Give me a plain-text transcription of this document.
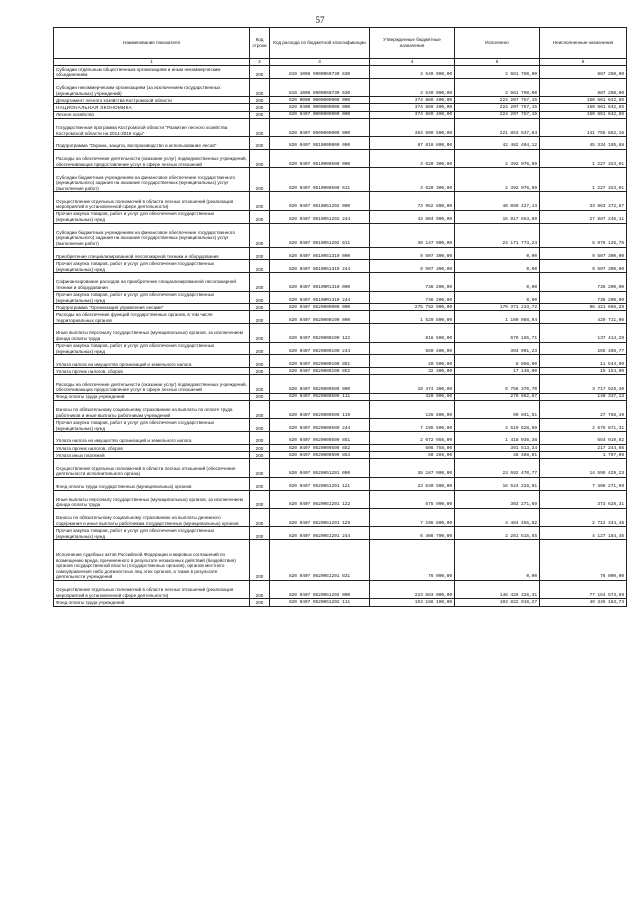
57
Наименование показателя	Код строки	Код расхода по бюджетной классификации	Утвержденные бюджетные назначения	Исполнено	Неисполненные назначения
1	2	3	4	5	6
Субсидии отдельным общественным организациям и иным некоммерческим объединениям	200	819 1006 9900050730 630	3 549 000,00	2 661 750,00	887 250,00
Субсидии некоммерческим организациям (за исключением государственных (муниципальных) учреждений)	200	819 1006 9900050730 630	3 549 000,00	2 661 750,00	887 250,00
Департамент лесного хозяйства Костромской области	200	820 0000 0000000000 000	374 869 400,00	224 207 757,15	150 661 642,85
НАЦИОНАЛЬНАЯ ЭКОНОМИКА	200	820 0400 0000000000 000	374 869 400,00	224 207 757,15	150 661 642,85
Лесное хозяйство	200	820 0407 0000000000 000	374 869 400,00	224 207 757,15	150 661 642,85
Государственная программа Костромской области "Развитие лесного хозяйства Костромской области на 2014-2018 годы"	200	820 0407 0500000000 000	363 609 500,00	221 853 637,84	141 755 862,16
Подпрограмма "Охрана, защита, воспроизводство и использование лесов"	200	820 0407 0510000000 000	87 816 800,00	42 482 404,12	45 334 195,88
Расходы на обеспечение деятельности (оказание услуг) подведомственных учреждений, обеспечивающих предоставление услуг в сфере лесных отношений	200	820 0407 0510000599 000	3 620 300,00	2 392 976,99	1 227 323,01
Субсидии бюджетным учреждениям на финансовое обеспечение государственного (муниципального) задания на оказание государственных (муниципальных) услуг (выполнение работ)	200	820 0407 0510000599 611	3 620 300,00	2 392 976,99	1 227 323,01
Осуществление отдельных полномочий в области лесных отношений (реализация мероприятий в установленной сфере деятельности)	200	820 0407 0510051292 000	73 952 800,00	40 089 427,13	33 863 372,87
Прочая закупка товаров, работ и услуг для обеспечения государственных (муниципальных) нужд	200	820 0407 0510051292 244	43 804 900,00	15 917 653,89	27 887 246,11
Субсидии бюджетным учреждениям на финансовое обеспечение государственного (муниципального) задания на оказание государственных (муниципальных) услуг (выполнение работ)	200	820 0407 0510051292 611	30 147 900,00	24 171 773,24	5 976 126,76
Приобретение специализированной лесопожарной техники и оборудования	200	820 0407 0510051310 000	9 507 300,00	0,00	9 507 300,00
Прочая закупка товаров, работ и услуг для обеспечения государственных (муниципальных) нужд	200	820 0407 0510051310 244	9 507 300,00	0,00	9 507 300,00
Софинансирование расходов на приобретение специализированной лесопожарной техники и оборудования	200	820 0407 05100R1310 000	736 200,00	0,00	736 200,00
Прочая закупка товаров, работ и услуг для обеспечения государственных (муниципальных) нужд	200	820 0407 05100R1310 244	736 200,00	0,00	736 200,00
Подпрограмма "Организация управления лесами"	200	820 0407 0520000000 000	275 792 900,00	179 371 233,72	96 421 666,28
Расходы на обеспечение функций государственных органов, в том числе территориальных органов	200	820 0407 0520000190 000	1 529 800,00	1 100 088,94	429 711,06
Иные выплаты персоналу государственных (муниципальных) органов, за исключением фонда оплаты труда	200	820 0407 0520000190 122	816 600,00	679 185,71	137 414,29
Прочая закупка товаров, работ и услуг для обеспечения государственных (муниципальных) нужд	200	820 0407 0520000190 244	660 400,00	394 901,23	265 498,77
Уплата налога на имущество организаций и земельного налога	200	820 0407 0520000190 851	20 500,00	8 856,00	11 644,00
Уплата прочих налогов, сборов	200	820 0407 0520000190 852	32 300,00	17 146,00	15 154,00
Расходы на обеспечение деятельности (оказание услуг) подведомственных учреждений, обеспечивающих предоставление услуг в сфере лесных отношений	200	820 0407 0520000599 000	10 474 300,00	6 756 370,70	3 717 929,30
Фонд оплаты труда учреждений	200	820 0407 0520000599 111	420 000,00	279 662,87	140 337,13
Взносы по обязательному социальному страхованию на выплаты по оплате труда работников и иные выплаты работникам учреждений	200	820 0407 0520000599 119	126 800,00	99 041,51	27 758,49
Прочая закупка товаров, работ и услуг для обеспечения государственных (муниципальных) нужд	200	820 0407 0520000599 244	7 195 500,00	4 519 628,69	2 675 871,31
Уплата налога на имущество организаций и земельного налога	200	820 0407 0520000599 851	2 072 956,00	1 418 036,38	654 919,62
Уплата прочих налогов, сборов	200	820 0407 0520000599 852	608 758,00	391 513,34	217 244,66
Уплата иных платежей	200	820 0407 0520000599 853	50 286,00	48 488,91	1 797,09
Осуществление отдельных полномочий в области лесных отношений (обеспечение деятельности исполнительного органа)	200	820 0407 0520051291 000	38 187 900,00	23 592 470,77	14 595 429,23
Фонд оплаты труда государственных (муниципальных) органов	200	820 0407 0520051291 121	23 630 500,00	16 524 228,01	7 306 271,99
Иные выплаты персоналу государственных (муниципальных) органов, за исключением фонда оплаты труда	200	820 0407 0520051291 122	675 900,00	302 271,69	373 628,31
Взносы по обязательному социальному страхованию на выплаты денежного содержания и иные выплаты работникам государственных (муниципальных) органов	200	820 0407 0520051291 129	7 196 800,00	4 484 455,52	2 712 344,48
Прочая закупка товаров, работ и услуг для обеспечения государственных (муниципальных) нужд	200	820 0407 0520051291 244	6 408 700,00	2 281 515,55	4 127 184,45
Исполнение судебных актов Российской Федерации и мировых соглашений по возмещению вреда, причиненного в результате незаконных действий (бездействия) органов государственной власти (государственных органов), органов местного самоуправления либо должностных лиц этих органов, а также в результате деятельности учреждений	200	820 0407 0520051291 831	76 000,00	0,00	76 000,00
Осуществление отдельных полномочий в области лесных отношений (реализация мероприятий в установленной сфере деятельности)	200	820 0407 0520051292 000	223 583 000,00	146 428 426,31	77 154 573,69
Фонд оплаты труда учреждений	200	820 0407 0520051292 111	153 168 100,00	103 822 916,27	49 345 183,73
